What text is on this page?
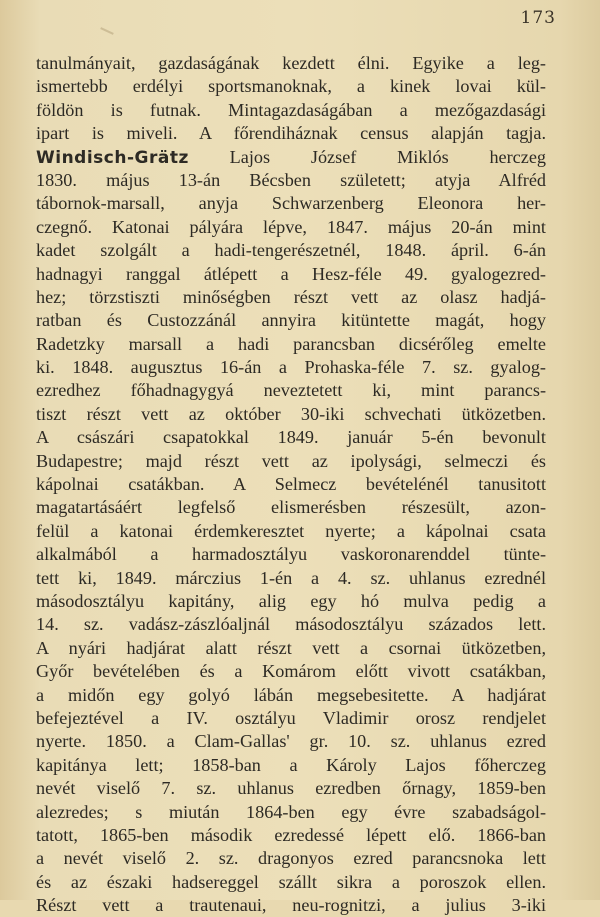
173
tanulmányait, gazdaságának kezdett élni. Egyike a leg-
ismertebb erdélyi sportsmanoknak, a kinek lovai kül-
földön is futnak. Mintagazdaságában a mezőgazdasági
ipart is miveli. A főrendiháznak census alapján tagja.
Windisch-Grätz Lajos József Miklós herczeg
1830. május 13-án Bécsben született; atyja Alfréd
tábornok-marsall, anyja Schwarzenberg Eleonora her-
czegnő. Katonai pályára lépve, 1847. május 20-án mint
kadet szolgált a hadi-tengerészetnél, 1848. ápril. 6-án
hadnagyi ranggal átlépett a Hesz-féle 49. gyalogezred-
hez; törzstiszti minőségben részt vett az olasz hadjá-
ratban és Custozzánál annyira kitüntette magát, hogy
Radetzky marsall a hadi parancsban dicsérőleg emelte
ki. 1848. augusztus 16-án a Prohaska-féle 7. sz. gyalog-
ezredhez főhadnagygyá neveztetett ki, mint parancs-
tiszt részt vett az október 30-iki schvechati ütközetben.
A császári csapatokkal 1849. január 5-én bevonult
Budapestre; majd részt vett az ipolysági, selmeczi és
kápolnai csatákban. A Selmecz bevételénél tanusitott
magatartásáért legfelső elismerésben részesült, azon-
felül a katonai érdemkeresztet nyerte; a kápolnai csata
alkalmából a harmadosztályu vaskoronarenddel tünte-
tett ki, 1849. márczius 1-én a 4. sz. uhlanus ezrednél
másodosztályu kapitány, alig egy hó mulva pedig a
14. sz. vadász-zászlóaljnál másodosztályu százados lett.
A nyári hadjárat alatt részt vett a csornai ütközetben,
Győr bevételében és a Komárom előtt vivott csatákban,
a midőn egy golyó lábán megsebesitette. A hadjárat
befejeztével a IV. osztályu Vladimir orosz rendjelet
nyerte. 1850. a Clam-Gallas' gr. 10. sz. uhlanus ezred
kapitánya lett; 1858-ban a Károly Lajos főherczeg
nevét viselő 7. sz. uhlanus ezredben őrnagy, 1859-ben
alezredes; s miután 1864-ben egy évre szabadságol-
tatott, 1865-ben második ezredessé lépett elő. 1866-ban
a nevét viselő 2. sz. dragonyos ezred parancsnoka lett
és az északi hadsereggel szállt sikra a poroszok ellen.
Részt vett a trautenaui, neu-rognitzi, a julius 3-iki
